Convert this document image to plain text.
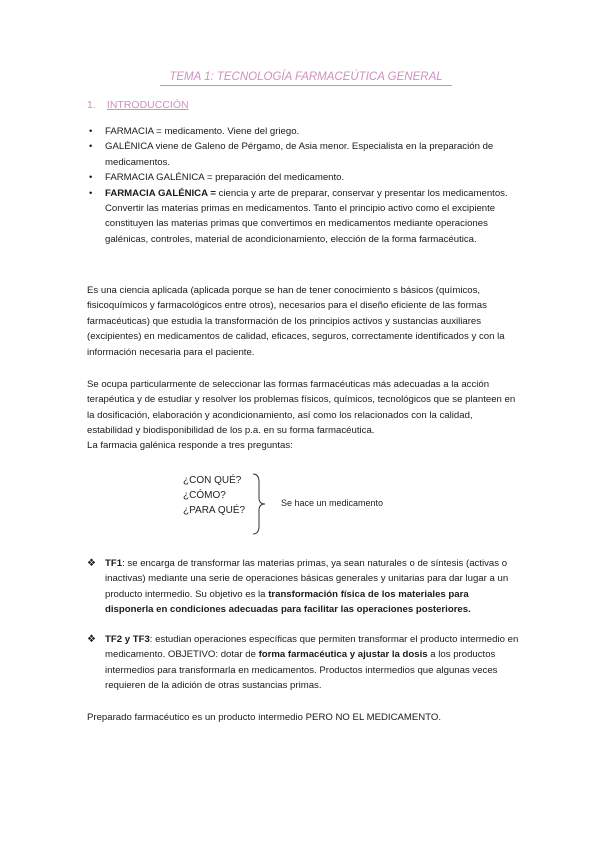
TEMA 1: TECNOLOGÍA FARMACEÚTICA GENERAL
1. INTRODUCCIÓN
• FARMACIA = medicamento. Viene del griego.
• GALÉNICA viene de Galeno de Pérgamo, de Asia menor. Especialista en la preparación de medicamentos.
• FARMACIA GALÉNICA = preparación del medicamento.
• FARMACIA GALÉNICA = ciencia y arte de preparar, conservar y presentar los medicamentos. Convertir las materias primas en medicamentos. Tanto el principio activo como el excipiente constituyen las materias primas que convertimos en medicamentos mediante operaciones galénicas, controles, material de acondicionamiento, elección de la forma farmacéutica.

Es una ciencia aplicada (aplicada porque se han de tener conocimiento s básicos (químicos, fisicoquímicos y farmacológicos entre otros), necesarios para el diseño eficiente de las formas farmacéuticas) que estudia la transformación de los principios activos y sustancias auxiliares (excipientes) en medicamentos de calidad, eficaces, seguros, correctamente identificados y con la información necesaria para el paciente.

Se ocupa particularmente de seleccionar las formas farmacéuticas más adecuadas a la acción terapéutica y de estudiar y resolver los problemas físicos, químicos, tecnológicos que se planteen en la dosificación, elaboración y acondicionamiento, así como los relacionados con la calidad, estabilidad y biodisponibilidad de los p.a. en su forma farmacéutica.

La farmacia galénica responde a tres preguntas:

¿CON QUÉ?
¿CÓMO?
¿PARA QUÉ?
Se hace un medicamento
❖ TF1: se encarga de transformar las materias primas, ya sean naturales o de síntesis (activas o inactivas) mediante una serie de operaciones básicas generales y unitarias para dar lugar a un producto intermedio. Su objetivo es la transformación física de los materiales para disponerla en condiciones adecuadas para facilitar las operaciones posteriores.
❖ TF2 y TF3: estudian operaciones específicas que permiten transformar el producto intermedio en medicamento. OBJETIVO: dotar de forma farmacéutica y ajustar la dosis a los productos intermedios para transformarla en medicamentos. Productos intermedios que algunas veces requieren de la adición de otras sustancias primas.

Preparado farmacéutico es un producto intermedio PERO NO EL MEDICAMENTO.
